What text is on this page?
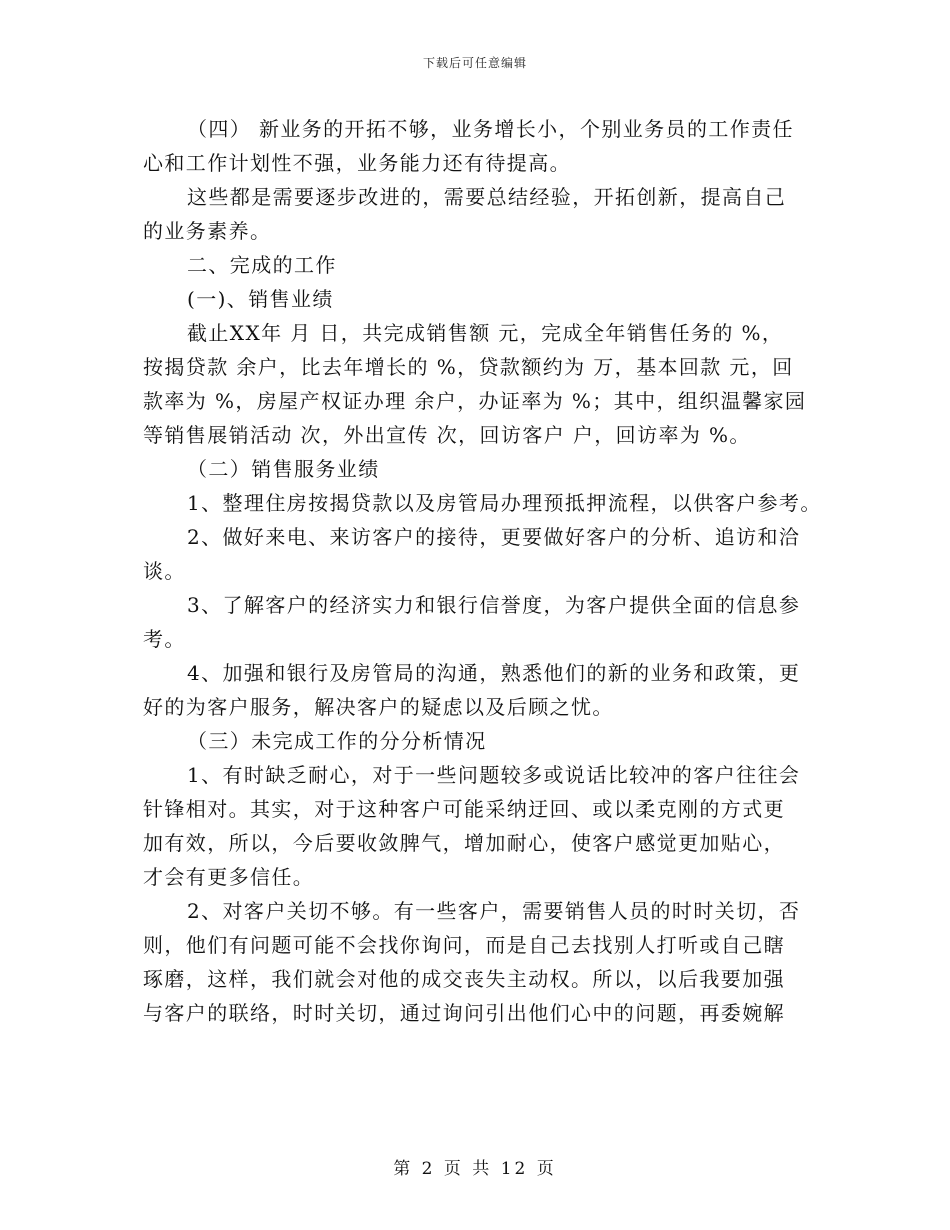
下载后可任意编辑
（四） 新业务的开拓不够，业务增长小，个别业务员的工作责任
心和工作计划性不强，业务能力还有待提高。
这些都是需要逐步改进的，需要总结经验，开拓创新，提高自己
的业务素养。
二、完成的工作
(一)、销售业绩
截止XX年 月 日，共完成销售额 元，完成全年销售任务的 %，
按揭贷款 余户，比去年增长的 %，贷款额约为 万，基本回款 元，回
款率为 %，房屋产权证办理 余户，办证率为 %；其中，组织温馨家园
等销售展销活动 次，外出宣传 次，回访客户 户，回访率为 %。
（二）销售服务业绩
1、整理住房按揭贷款以及房管局办理预抵押流程，以供客户参考。
2、做好来电、来访客户的接待，更要做好客户的分析、追访和洽
谈。
3、了解客户的经济实力和银行信誉度，为客户提供全面的信息参
考。
4、加强和银行及房管局的沟通，熟悉他们的新的业务和政策，更
好的为客户服务，解决客户的疑虑以及后顾之忧。
（三）未完成工作的分分析情况
1、有时缺乏耐心，对于一些问题较多或说话比较冲的客户往往会
针锋相对。其实，对于这种客户可能采纳迂回、或以柔克刚的方式更
加有效，所以，今后要收敛脾气，增加耐心，使客户感觉更加贴心，
才会有更多信任。
2、对客户关切不够。有一些客户，需要销售人员的时时关切，否
则，他们有问题可能不会找你询问，而是自己去找别人打听或自己瞎
琢磨，这样，我们就会对他的成交丧失主动权。所以，以后我要加强
与客户的联络，时时关切，通过询问引出他们心中的问题，再委婉解
第 2 页 共 12 页
